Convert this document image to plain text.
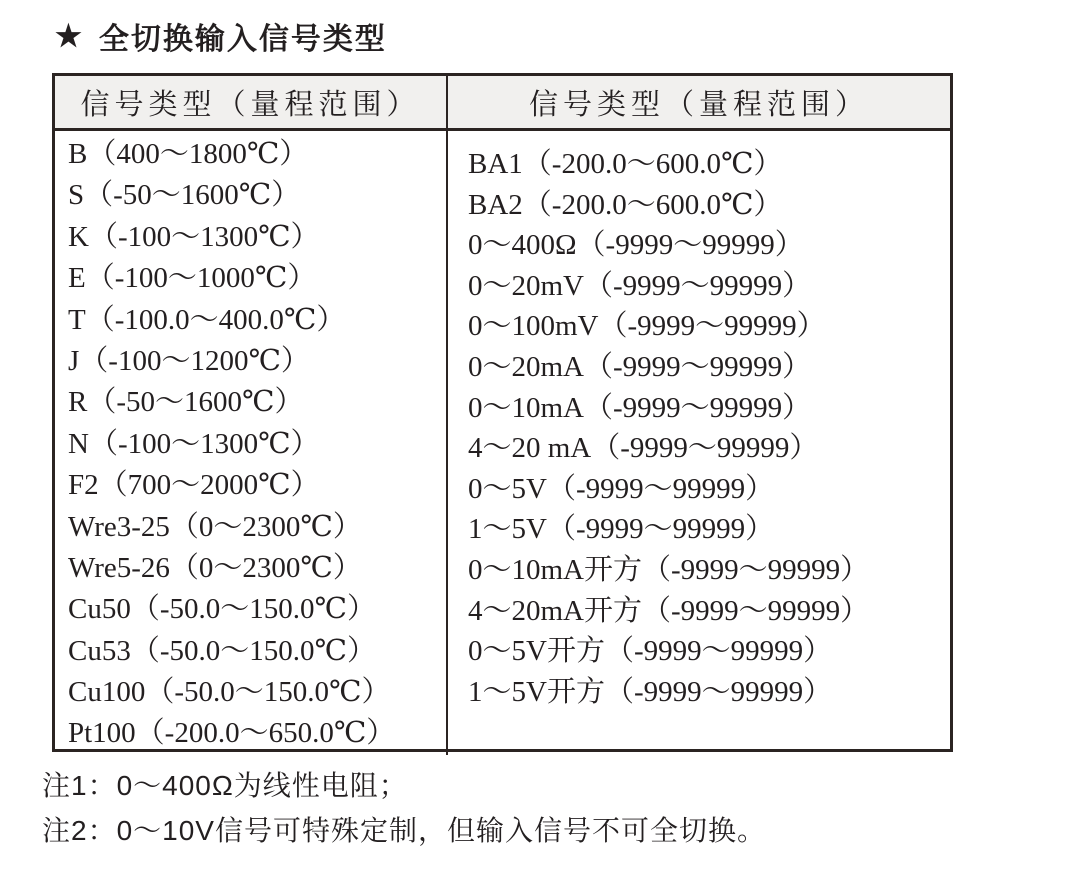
★ 全切换输入信号类型
信号类型（量程范围）	信号类型（量程范围）
B（400～1800℃）
S（-50～1600℃）
K（-100～1300℃）
E（-100～1000℃）
T（-100.0～400.0℃）
J（-100～1200℃）
R（-50～1600℃）
N（-100～1300℃）
F2（700～2000℃）
Wre3-25（0～2300℃）
Wre5-26（0～2300℃）
Cu50（-50.0～150.0℃）
Cu53（-50.0～150.0℃）
Cu100（-50.0～150.0℃）
Pt100（-200.0～650.0℃）
BA1（-200.0～600.0℃）
BA2（-200.0～600.0℃）
0～400Ω（-9999～99999）
0～20mV（-9999～99999）
0～100mV（-9999～99999）
0～20mA（-9999～99999）
0～10mA（-9999～99999）
4～20 mA（-9999～99999）
0～5V（-9999～99999）
1～5V（-9999～99999）
0～10mA开方（-9999～99999）
4～20mA开方（-9999～99999）
0～5V开方（-9999～99999）
1～5V开方（-9999～99999）
注1：0～400Ω为线性电阻；
注2：0～10V信号可特殊定制，但输入信号不可全切换。
